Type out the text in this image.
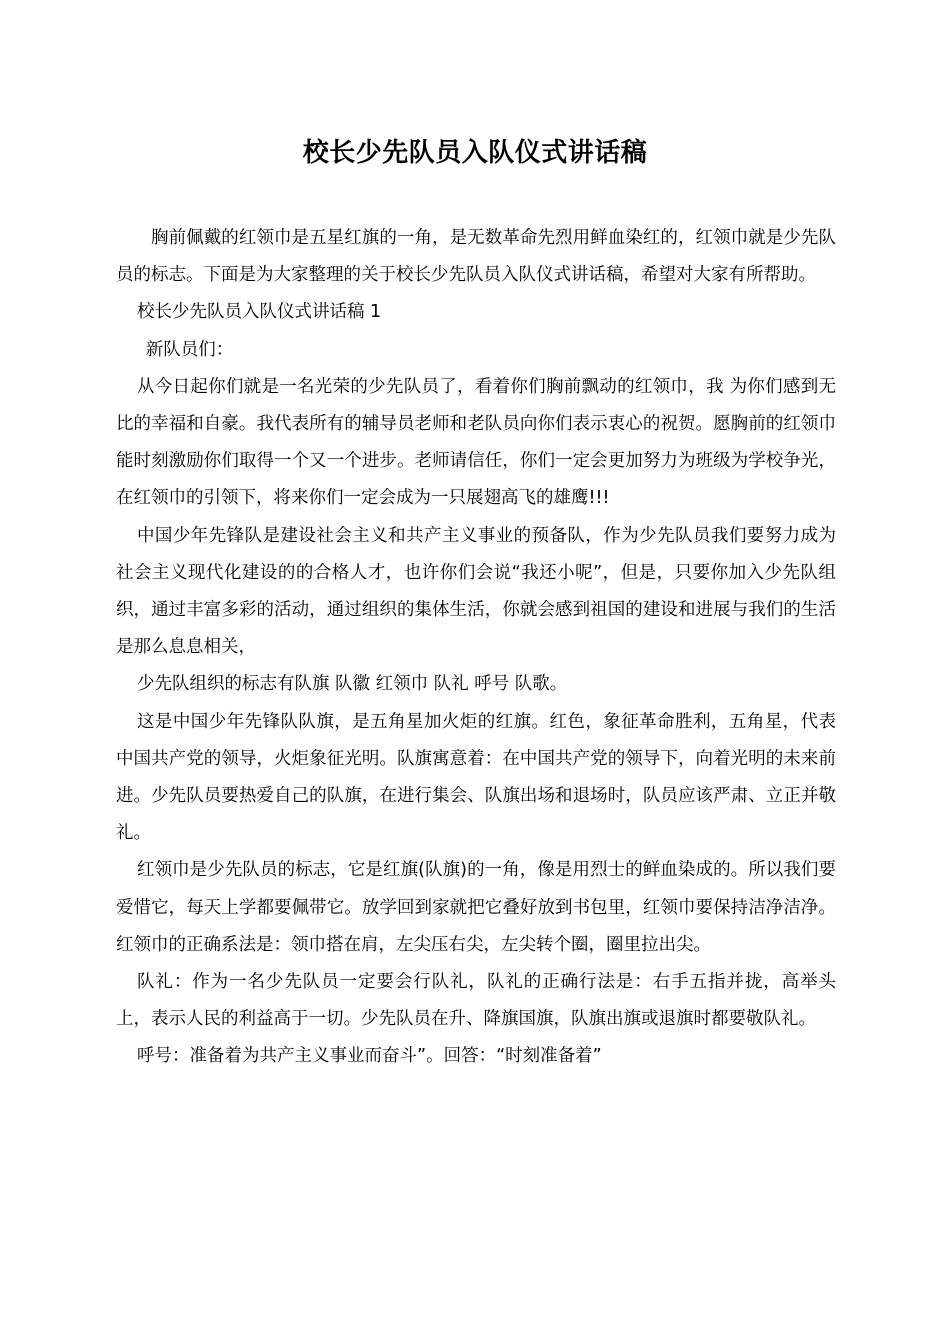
校长少先队员入队仪式讲话稿

胸前佩戴的红领巾是五星红旗的一角，是无数革命先烈用鲜血染红的，红领巾就是少先队员的标志。下面是为大家整理的关于校长少先队员入队仪式讲话稿，希望对大家有所帮助。

校长少先队员入队仪式讲话稿 1

新队员们：

从今日起你们就是一名光荣的少先队员了，看着你们胸前飘动的红领巾，我 为你们感到无比的幸福和自豪。我代表所有的辅导员老师和老队员向你们表示衷心的祝贺。愿胸前的红领巾能时刻激励你们取得一个又一个进步。老师请信任，你们一定会更加努力为班级为学校争光，在红领巾的引领下，将来你们一定会成为一只展翅高飞的雄鹰!!!

中国少年先锋队是建设社会主义和共产主义事业的预备队，作为少先队员我们要努力成为社会主义现代化建设的的合格人才，也许你们会说“我还小呢”，但是，只要你加入少先队组织，通过丰富多彩的活动，通过组织的集体生活，你就会感到祖国的建设和进展与我们的生活是那么息息相关，

少先队组织的标志有队旗 队徽 红领巾 队礼 呼号 队歌。

这是中国少年先锋队队旗，是五角星加火炬的红旗。红色，象征革命胜利，五角星，代表中国共产党的领导，火炬象征光明。队旗寓意着：在中国共产党的领导下，向着光明的未来前进。少先队员要热爱自己的队旗，在进行集会、队旗出场和退场时，队员应该严肃、立正并敬礼。

红领巾是少先队员的标志，它是红旗(队旗)的一角，像是用烈士的鲜血染成的。所以我们要爱惜它，每天上学都要佩带它。放学回到家就把它叠好放到书包里，红领巾要保持洁净洁净。红领巾的正确系法是：领巾搭在肩，左尖压右尖，左尖转个圈，圈里拉出尖。

队礼：作为一名少先队员一定要会行队礼，队礼的正确行法是：右手五指并拢，高举头上，表示人民的利益高于一切。少先队员在升、降旗国旗，队旗出旗或退旗时都要敬队礼。

呼号：准备着为共产主义事业而奋斗”。回答：“时刻准备着”
